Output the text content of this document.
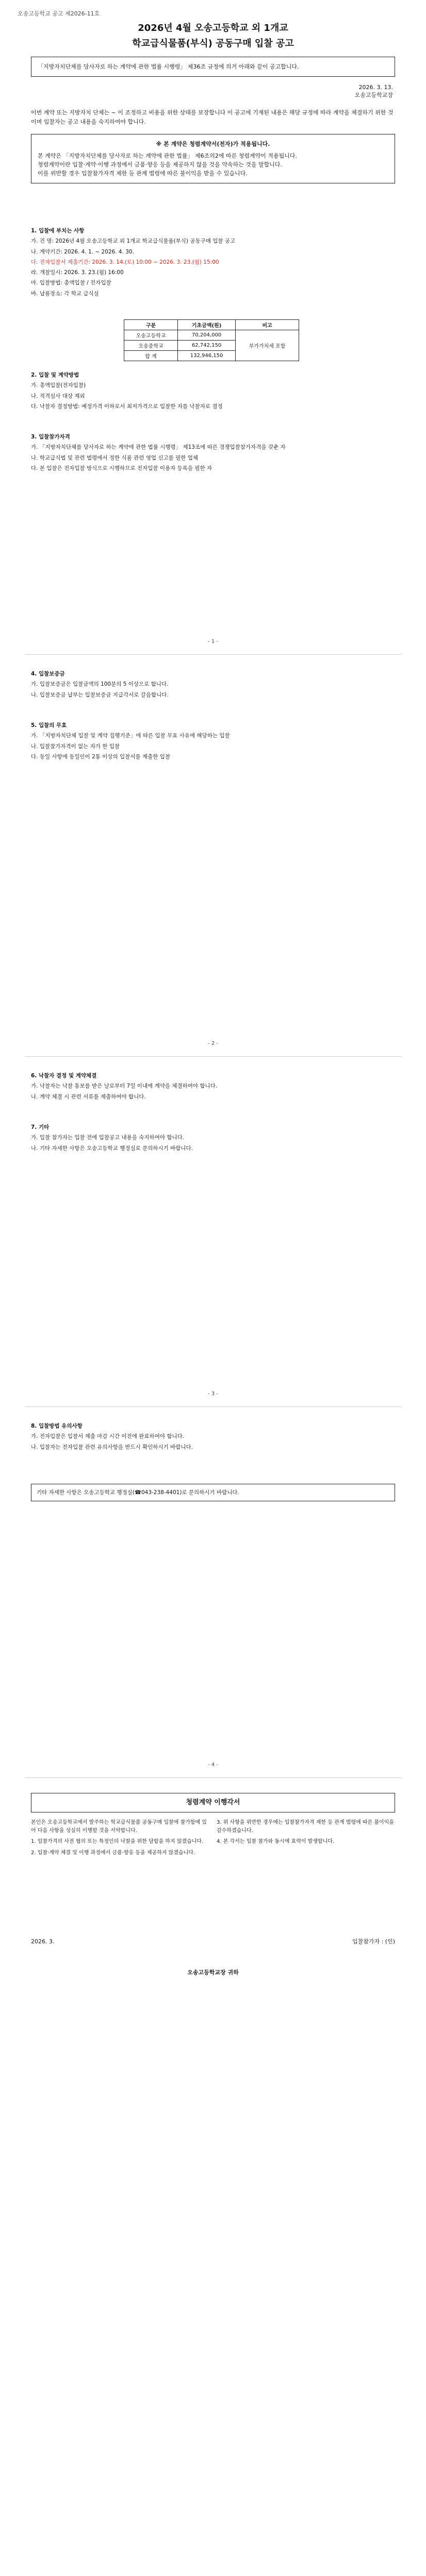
오송고등학교 공고 제2026-11호
2026년 4월 오송고등학교 외 1개교
학교급식물품(부식) 공동구매 입찰 공고
「지방자치단체를 당사자로 하는 계약에 관한 법률 시행령」 제36조 규정에 의거 아래와 같이 공고합니다.
2026. 3. 13.
오송고등학교장
이번 계약 또는 지방자치 단체는 ~ 이 조정하고 비용을 위한 상태를 보장합니다 이 공고에 기재된 내용은 해당 규정에 따라 계약을 체결하기 위한 것이며 입찰자는 공고 내용을 숙지하여야 합니다.
※ 본 계약은 청렴계약서(전자)가 적용됩니다.
본 계약은 「지방자치단체를 당사자로 하는 계약에 관한 법률」 제6조의2에 따른 청렴계약이 적용됩니다.
청렴계약이란 입찰·계약·이행 과정에서 금품·향응 등을 제공하지 않을 것을 약속하는 것을 말합니다.
이를 위반할 경우 입찰참가자격 제한 등 관계 법령에 따른 불이익을 받을 수 있습니다.

1. 입찰에 부치는 사항

가. 건 명: 2026년 4월 오송고등학교 외 1개교 학교급식물품(부식) 공동구매 입찰 공고

나. 계약기간: 2026. 4. 1. ~ 2026. 4. 30.

다. 전자입찰서 제출기간: 2026. 3. 14.(토) 10:00 ~ 2026. 3. 23.(월) 15:00

라. 개찰일시: 2026. 3. 23.(월) 16:00

마. 입찰방법: 총액입찰 / 전자입찰

바. 납품장소: 각 학교 급식실

구분	기초금액(원)	비고
오송고등학교	70,204,000	부가가치세 포함
오송중학교	62,742,150	
합 계	132,946,150	

2. 입찰 및 계약방법

가. 총액입찰(전자입찰)

나. 적격심사 대상 제외

다. 낙찰자 결정방법: 예정가격 이하로서 최저가격으로 입찰한 자를 낙찰자로 결정

3. 입찰참가자격

가. 「지방자치단체를 당사자로 하는 계약에 관한 법률 시행령」 제13조에 따른 경쟁입찰참가자격을 갖춘 자

나. 학교급식법 및 관련 법령에서 정한 식품 관련 영업 신고를 필한 업체

다. 본 입찰은 전자입찰 방식으로 시행하므로 전자입찰 이용자 등록을 필한 자

- 1 -

4. 입찰보증금

가. 입찰보증금은 입찰금액의 100분의 5 이상으로 합니다.

나. 입찰보증금 납부는 입찰보증금 지급각서로 갈음합니다.

5. 입찰의 무효

가. 「지방자치단체 입찰 및 계약 집행기준」에 따른 입찰 무효 사유에 해당하는 입찰

나. 입찰참가자격이 없는 자가 한 입찰

다. 동일 사항에 동일인이 2통 이상의 입찰서를 제출한 입찰

- 2 -

6. 낙찰자 결정 및 계약체결

가. 낙찰자는 낙찰 통보를 받은 날로부터 7일 이내에 계약을 체결하여야 합니다.

나. 계약 체결 시 관련 서류를 제출하여야 합니다.

7. 기타

가. 입찰 참가자는 입찰 전에 입찰공고 내용을 숙지하여야 합니다.

나. 기타 자세한 사항은 오송고등학교 행정실로 문의하시기 바랍니다.

- 3 -

8. 입찰방법 유의사항

가. 전자입찰은 입찰서 제출 마감 시간 이전에 완료하여야 합니다.

나. 입찰자는 전자입찰 관련 유의사항을 반드시 확인하시기 바랍니다.

기타 자세한 사항은 오송고등학교 행정실(☎043-238-4401)로 문의하시기 바랍니다.
- 4 -
청렴계약 이행각서

본인은 오송고등학교에서 발주하는 학교급식물품 공동구매 입찰에 참가함에 있어 다음 사항을 성실히 이행할 것을 서약합니다.

1. 입찰가격의 사전 협의 또는 특정인의 낙찰을 위한 담합을 하지 않겠습니다.

2. 입찰·계약 체결 및 이행 과정에서 금품·향응 등을 제공하지 않겠습니다.

3. 위 사항을 위반한 경우에는 입찰참가자격 제한 등 관계 법령에 따른 불이익을 감수하겠습니다.

4. 본 각서는 입찰 참가와 동시에 효력이 발생합니다.

2026. 3.	입찰참가자 : (인)
오송고등학교장 귀하
